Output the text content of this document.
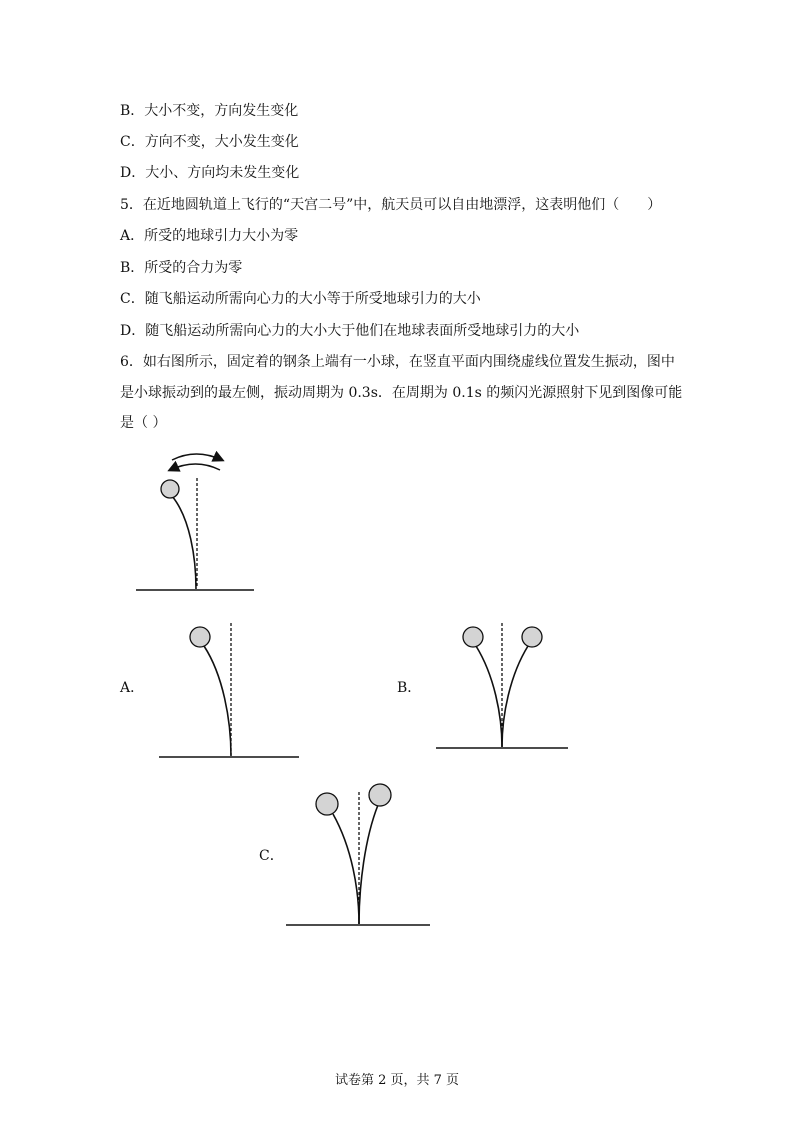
B．大小不变，方向发生变化
C．方向不变，大小发生变化
D．大小、方向均未发生变化
5．在近地圆轨道上飞行的“天宫二号”中，航天员可以自由地漂浮，这表明他们（　　）
A．所受的地球引力大小为零
B．所受的合力为零
C．随飞船运动所需向心力的大小等于所受地球引力的大小
D．随飞船运动所需向心力的大小大于他们在地球表面所受地球引力的大小
6．如右图所示，固定着的钢条上端有一小球，在竖直平面内围绕虚线位置发生振动，图中
是小球振动到的最左侧，振动周期为 0.3s．在周期为 0.1s 的频闪光源照射下见到图像可能
是（ ）
A．	B．
C．
试卷第 2 页，共 7 页
